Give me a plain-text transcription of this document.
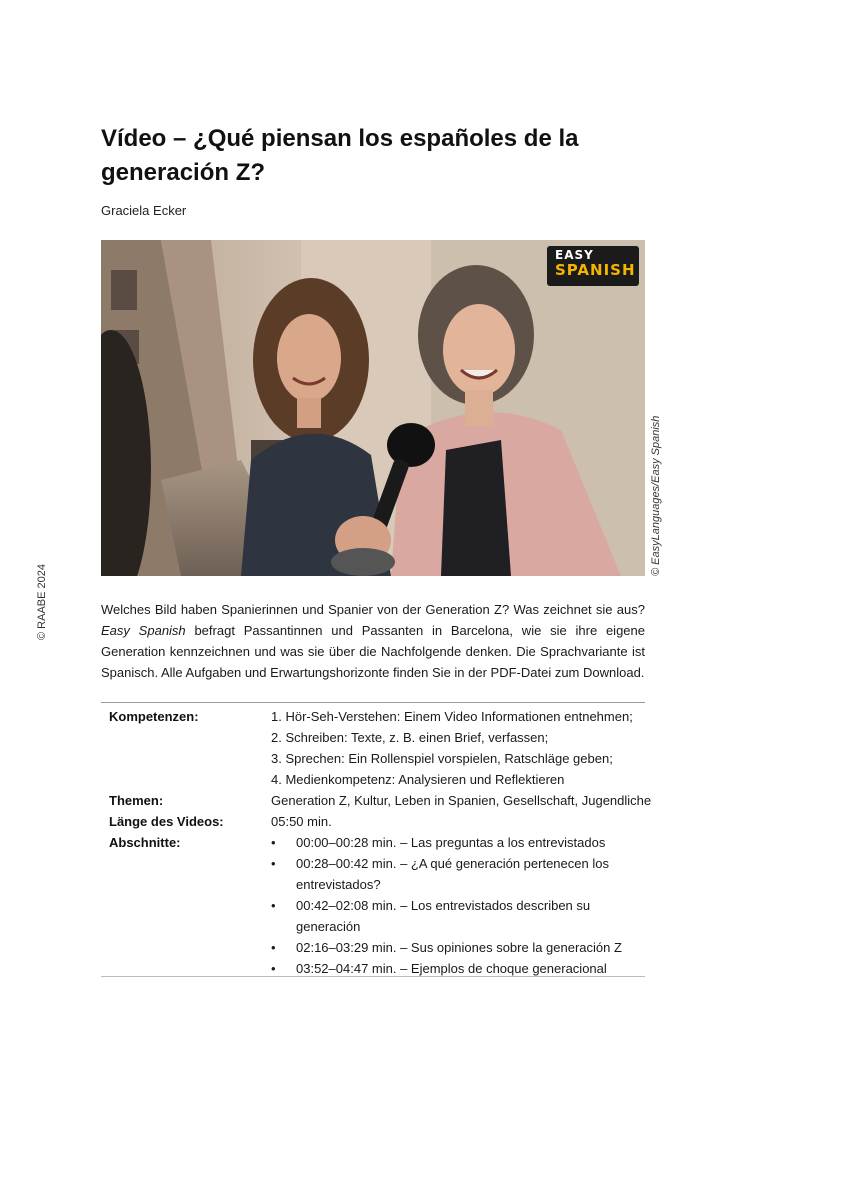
© RAABE 2024
Vídeo – ¿Qué piensan los españoles de la generación Z?
Graciela Ecker
EASY
SPANISH
© EasyLanguages/Easy Spanish
Welches Bild haben Spanierinnen und Spanier von der Generation Z? Was zeichnet sie aus? Easy Spanish befragt Passantinnen und Passanten in Barcelona, wie sie ihre eigene Generation kennzeichnen und was sie über die Nachfolgende denken. Die Sprachvariante ist Spanisch. Alle Aufgaben und Erwartungshorizonte finden Sie in der PDF-Datei zum Download.
Kompetenzen:	1. Hör-Seh-Verstehen: Einem Video Informationen entnehmen;
2. Schreiben: Texte, z. B. einen Brief, verfassen;
3. Sprechen: Ein Rollenspiel vorspielen, Ratschläge geben;
4. Medienkompetenz: Analysieren und Reflektieren
Themen:	Generation Z, Kultur, Leben in Spanien, Gesellschaft, Jugendliche
Länge des Videos:	05:50 min.
Abschnitte:	• 00:00–00:28 min. – Las preguntas a los entrevistados
• 00:28–00:42 min. – ¿A qué generación pertenecen los
entrevistados?
• 00:42–02:08 min. – Los entrevistados describen su
generación
• 02:16–03:29 min. – Sus opiniones sobre la generación Z
• 03:52–04:47 min. – Ejemplos de choque generacional
